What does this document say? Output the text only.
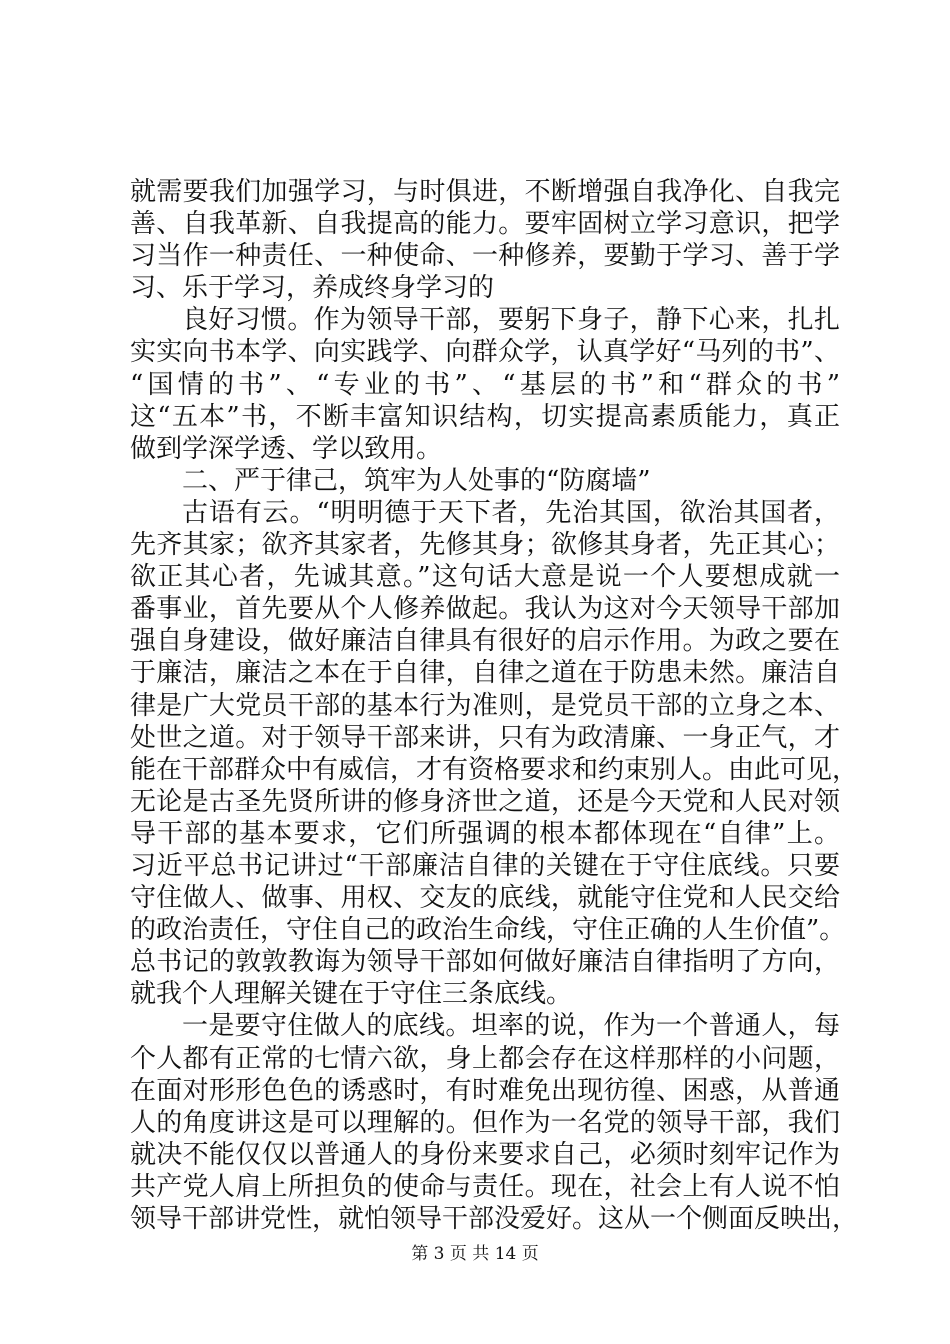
就需要我们加强学习，与时俱进，不断增强自我净化、自我完
善、自我革新、自我提高的能力。要牢固树立学习意识，把学
习当作一种责任、一种使命、一种修养，要勤于学习、善于学
习、乐于学习，养成终身学习的
良好习惯。作为领导干部，要躬下身子，静下心来，扎扎
实实向书本学、向实践学、向群众学，认真学好“马列的书”、
“国情的书”、“专业的书”、“基层的书”和“群众的书”
这“五本”书，不断丰富知识结构，切实提高素质能力，真正
做到学深学透、学以致用。
二、严于律己，筑牢为人处事的“防腐墙”
古语有云。“明明德于天下者，先治其国，欲治其国者，
先齐其家；欲齐其家者，先修其身；欲修其身者，先正其心；
欲正其心者，先诚其意。”这句话大意是说一个人要想成就一
番事业，首先要从个人修养做起。我认为这对今天领导干部加
强自身建设，做好廉洁自律具有很好的启示作用。为政之要在
于廉洁，廉洁之本在于自律，自律之道在于防患未然。廉洁自
律是广大党员干部的基本行为准则，是党员干部的立身之本、
处世之道。对于领导干部来讲，只有为政清廉、一身正气，才
能在干部群众中有威信，才有资格要求和约束别人。由此可见，
无论是古圣先贤所讲的修身济世之道，还是今天党和人民对领
导干部的基本要求，它们所强调的根本都体现在“自律”上。
习近平总书记讲过“干部廉洁自律的关键在于守住底线。只要
守住做人、做事、用权、交友的底线，就能守住党和人民交给
的政治责任，守住自己的政治生命线，守住正确的人生价值”。
总书记的敦敦教诲为领导干部如何做好廉洁自律指明了方向，
就我个人理解关键在于守住三条底线。
一是要守住做人的底线。坦率的说，作为一个普通人，每
个人都有正常的七情六欲，身上都会存在这样那样的小问题，
在面对形形色色的诱惑时，有时难免出现彷徨、困惑，从普通
人的角度讲这是可以理解的。但作为一名党的领导干部，我们
就决不能仅仅以普通人的身份来要求自己，必须时刻牢记作为
共产党人肩上所担负的使命与责任。现在，社会上有人说不怕
领导干部讲党性，就怕领导干部没爱好。这从一个侧面反映出，
第 3 页 共 14 页
